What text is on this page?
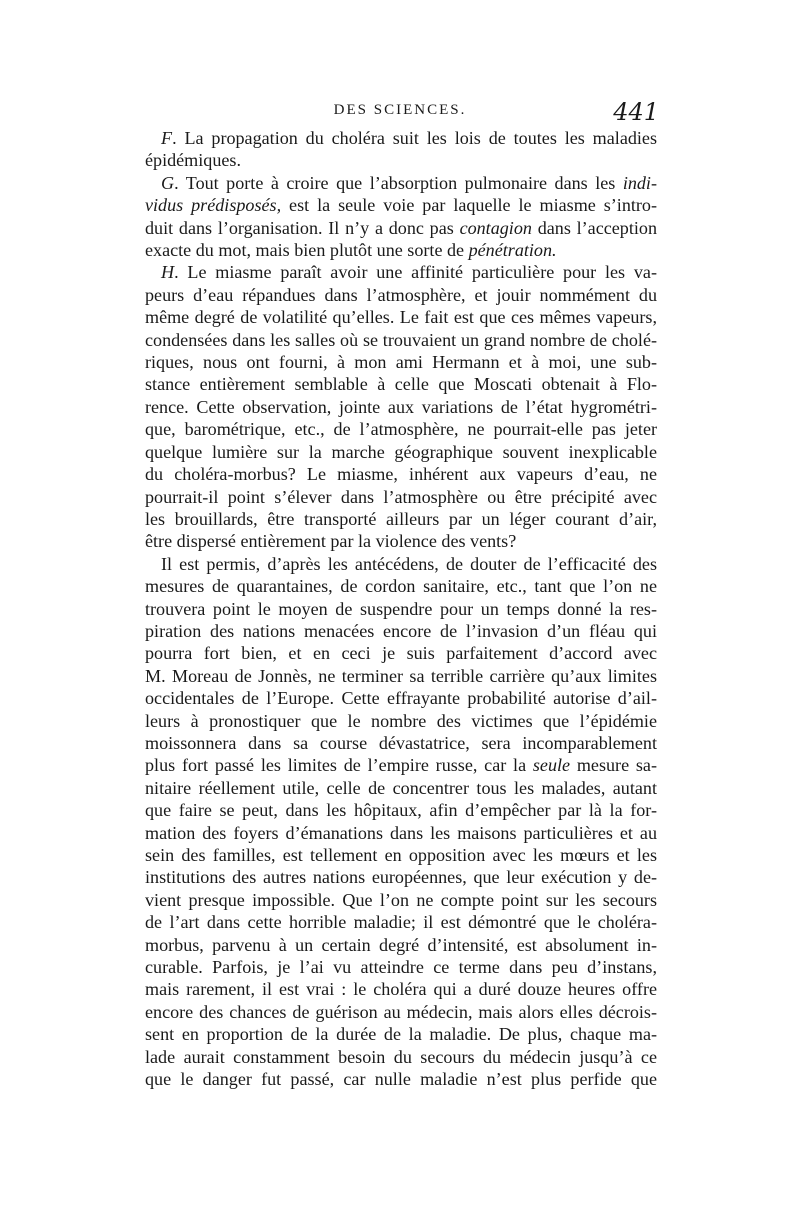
DES SCIENCES.	441
F. La propagation du choléra suit les lois de toutes les maladies
épidémiques.
G. Tout porte à croire que l’absorption pulmonaire dans les indi-
vidus prédisposés, est la seule voie par laquelle le miasme s’intro-
duit dans l’organisation. Il n’y a donc pas contagion dans l’acception
exacte du mot, mais bien plutôt une sorte de pénétration.
H. Le miasme paraît avoir une affinité particulière pour les va-
peurs d’eau répandues dans l’atmosphère, et jouir nommément du
même degré de volatilité qu’elles. Le fait est que ces mêmes vapeurs,
condensées dans les salles où se trouvaient un grand nombre de cholé-
riques, nous ont fourni, à mon ami Hermann et à moi, une sub-
stance entièrement semblable à celle que Moscati obtenait à Flo-
rence. Cette observation, jointe aux variations de l’état hygrométri-
que, barométrique, etc., de l’atmosphère, ne pourrait-elle pas jeter
quelque lumière sur la marche géographique souvent inexplicable
du choléra-morbus? Le miasme, inhérent aux vapeurs d’eau, ne
pourrait-il point s’élever dans l’atmosphère ou être précipité avec
les brouillards, être transporté ailleurs par un léger courant d’air,
être dispersé entièrement par la violence des vents?
Il est permis, d’après les antécédens, de douter de l’efficacité des
mesures de quarantaines, de cordon sanitaire, etc., tant que l’on ne
trouvera point le moyen de suspendre pour un temps donné la res-
piration des nations menacées encore de l’invasion d’un fléau qui
pourra fort bien, et en ceci je suis parfaitement d’accord avec
M. Moreau de Jonnès, ne terminer sa terrible carrière qu’aux limites
occidentales de l’Europe. Cette effrayante probabilité autorise d’ail-
leurs à pronostiquer que le nombre des victimes que l’épidémie
moissonnera dans sa course dévastatrice, sera incomparablement
plus fort passé les limites de l’empire russe, car la seule mesure sa-
nitaire réellement utile, celle de concentrer tous les malades, autant
que faire se peut, dans les hôpitaux, afin d’empêcher par là la for-
mation des foyers d’émanations dans les maisons particulières et au
sein des familles, est tellement en opposition avec les mœurs et les
institutions des autres nations européennes, que leur exécution y de-
vient presque impossible. Que l’on ne compte point sur les secours
de l’art dans cette horrible maladie; il est démontré que le choléra-
morbus, parvenu à un certain degré d’intensité, est absolument in-
curable. Parfois, je l’ai vu atteindre ce terme dans peu d’instans,
mais rarement, il est vrai : le choléra qui a duré douze heures offre
encore des chances de guérison au médecin, mais alors elles décrois-
sent en proportion de la durée de la maladie. De plus, chaque ma-
lade aurait constamment besoin du secours du médecin jusqu’à ce
que le danger fut passé, car nulle maladie n’est plus perfide que
